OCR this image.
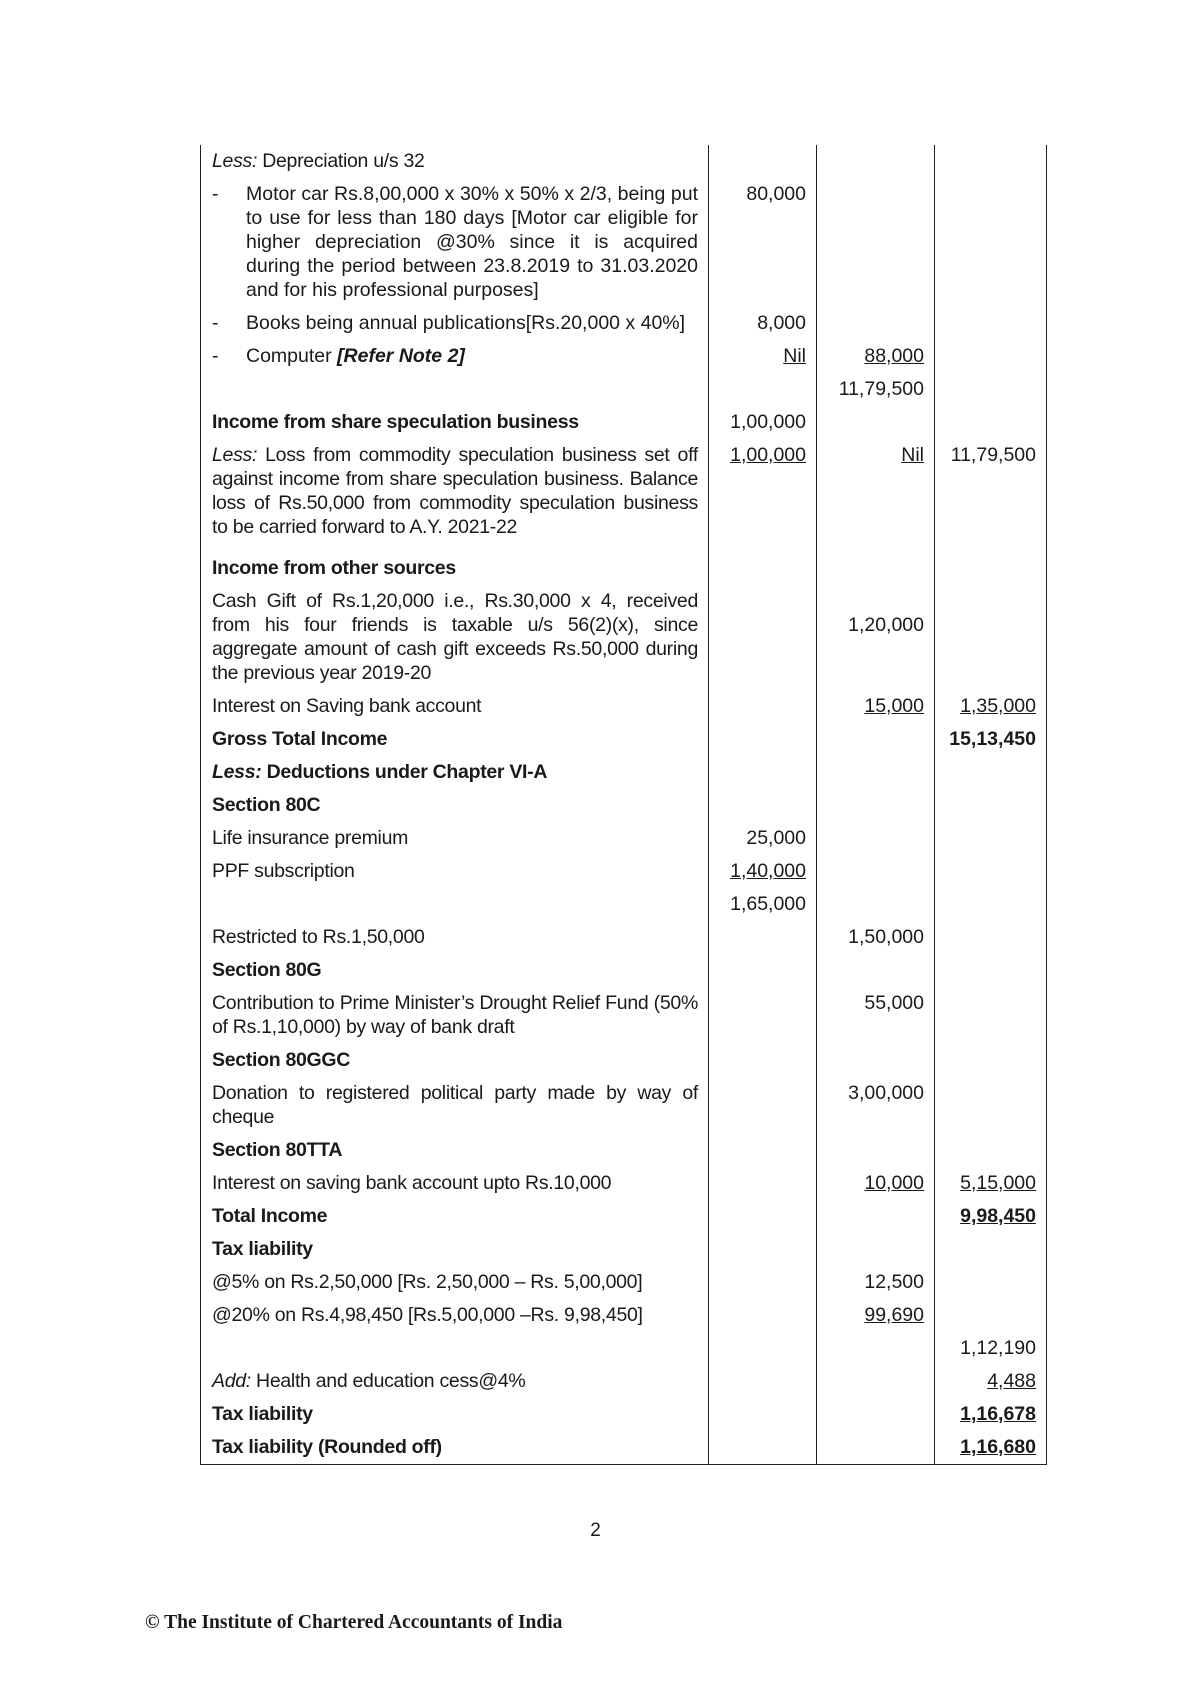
Less: Depreciation u/s 32			

- Motor car Rs.8,00,000 x 30% x 50% x 2/3, being put to use for less than 180 days [Motor car eligible for higher depreciation @30% since it is acquired during the period between 23.8.2019 to 31.03.2020 and for his professional purposes]	80,000		

- Books being annual publications[Rs.20,000 x 40%]	8,000		

- Computer [Refer Note 2]	Nil	88,000	
		11,79,500	
Income from share speculation business	1,00,000		
Less: Loss from commodity speculation business set off against income from share speculation business. Balance loss of Rs.50,000 from commodity speculation business to be carried forward to A.Y. 2021-22	1,00,000	Nil	11,79,500
Income from other sources			
Cash Gift of Rs.1,20,000 i.e., Rs.30,000 x 4, received from his four friends is taxable u/s 56(2)(x), since aggregate amount of cash gift exceeds Rs.50,000 during the previous year 2019-20		1,20,000	
Interest on Saving bank account		15,000	1,35,000
Gross Total Income			15,13,450
Less: Deductions under Chapter VI-A			
Section 80C			
Life insurance premium	25,000		
PPF subscription	1,40,000		
	1,65,000		
Restricted to Rs.1,50,000		1,50,000	
Section 80G			
Contribution to Prime Minister’s Drought Relief Fund (50% of Rs.1,10,000) by way of bank draft		55,000	
Section 80GGC			
Donation to registered political party made by way of cheque		3,00,000	
Section 80TTA			
Interest on saving bank account upto Rs.10,000		10,000	5,15,000
Total Income			9,98,450
Tax liability			
@5% on Rs.2,50,000 [Rs. 2,50,000 – Rs. 5,00,000]		12,500	
@20% on Rs.4,98,450 [Rs.5,00,000 –Rs. 9,98,450]		99,690	
			1,12,190
Add: Health and education cess@4%			4,488
Tax liability			1,16,678
Tax liability (Rounded off)			1,16,680
2
© The Institute of Chartered Accountants of India
